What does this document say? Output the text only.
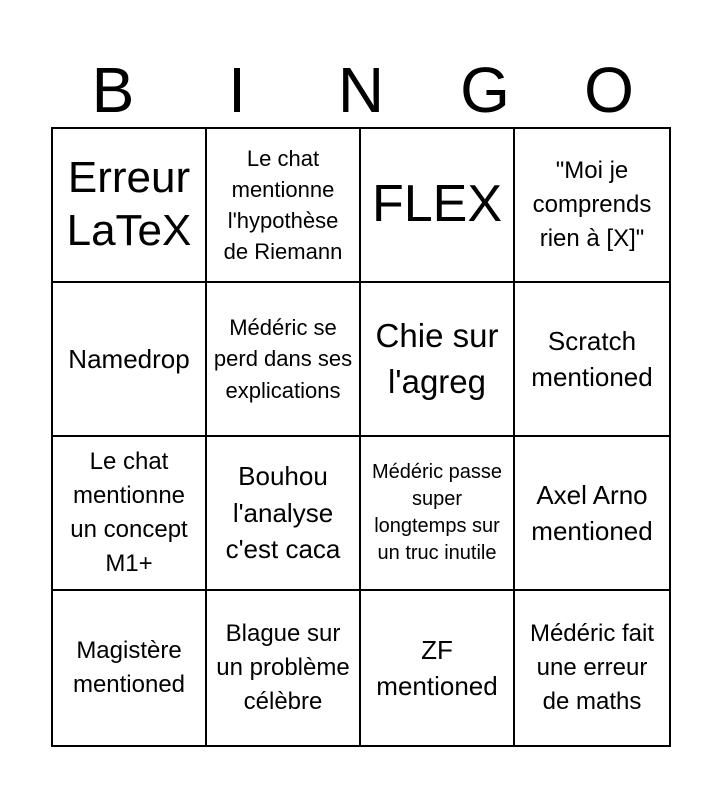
B	I	N	G	O
Erreur LaTeX
Le chat mentionne l'hypothèse de Riemann
FLEX
"Moi je comprends rien à [X]"
Namedrop
Médéric se perd dans ses explications
Chie sur l'agreg
Scratch mentioned
Le chat mentionne un concept M1+
Bouhou l'analyse c'est caca
Médéric passe super longtemps sur un truc inutile
Axel Arno mentioned
Magistère mentioned
Blague sur un problème célèbre
ZF mentioned
Médéric fait une erreur de maths
